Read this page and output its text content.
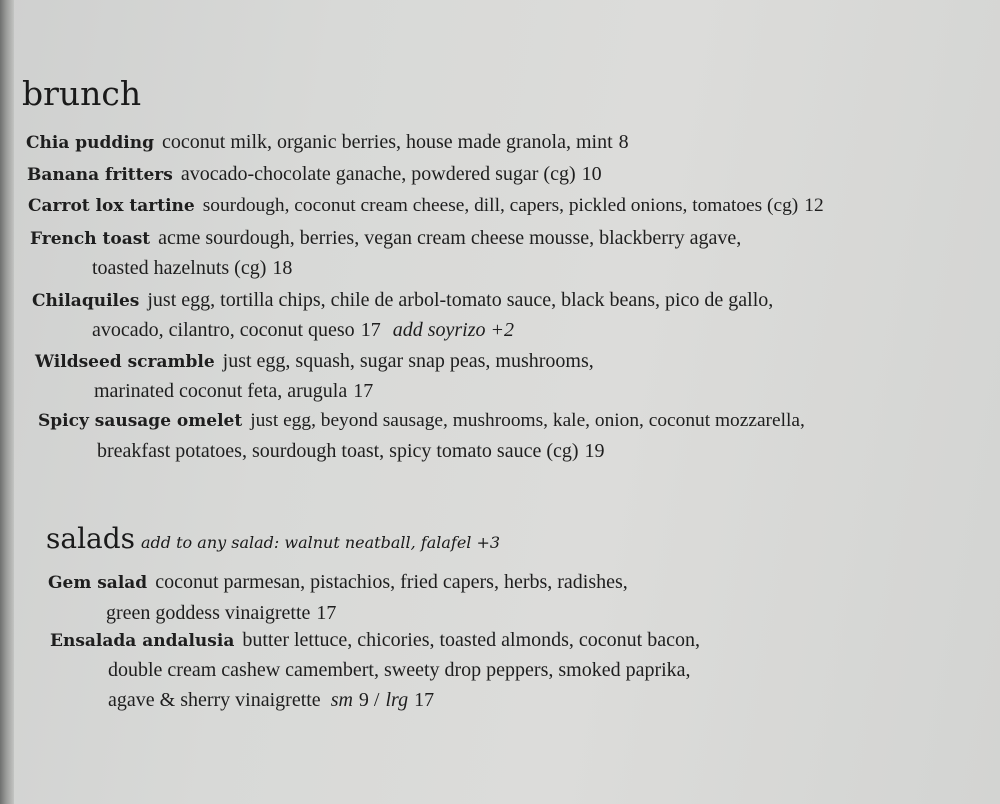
brunch
Chia pudding coconut milk, organic berries, house made granola, mint 8
Banana fritters avocado-chocolate ganache, powdered sugar (cg) 10
Carrot lox tartine sourdough, coconut cream cheese, dill, capers, pickled onions, tomatoes (cg) 12
French toast acme sourdough, berries, vegan cream cheese mousse, blackberry agave,
toasted hazelnuts (cg) 18
Chilaquiles just egg, tortilla chips, chile de arbol-tomato sauce, black beans, pico de gallo,
avocado, cilantro, coconut queso 17 add soyrizo +2
Wildseed scramble just egg, squash, sugar snap peas, mushrooms,
marinated coconut feta, arugula 17
Spicy sausage omelet just egg, beyond sausage, mushrooms, kale, onion, coconut mozzarella,
breakfast potatoes, sourdough toast, spicy tomato sauce (cg) 19
salads add to any salad: walnut neatball, falafel +3
Gem salad coconut parmesan, pistachios, fried capers, herbs, radishes,
green goddess vinaigrette 17
Ensalada andalusia butter lettuce, chicories, toasted almonds, coconut bacon,
double cream cashew camembert, sweety drop peppers, smoked paprika,
agave & sherry vinaigrette sm 9 / lrg 17
